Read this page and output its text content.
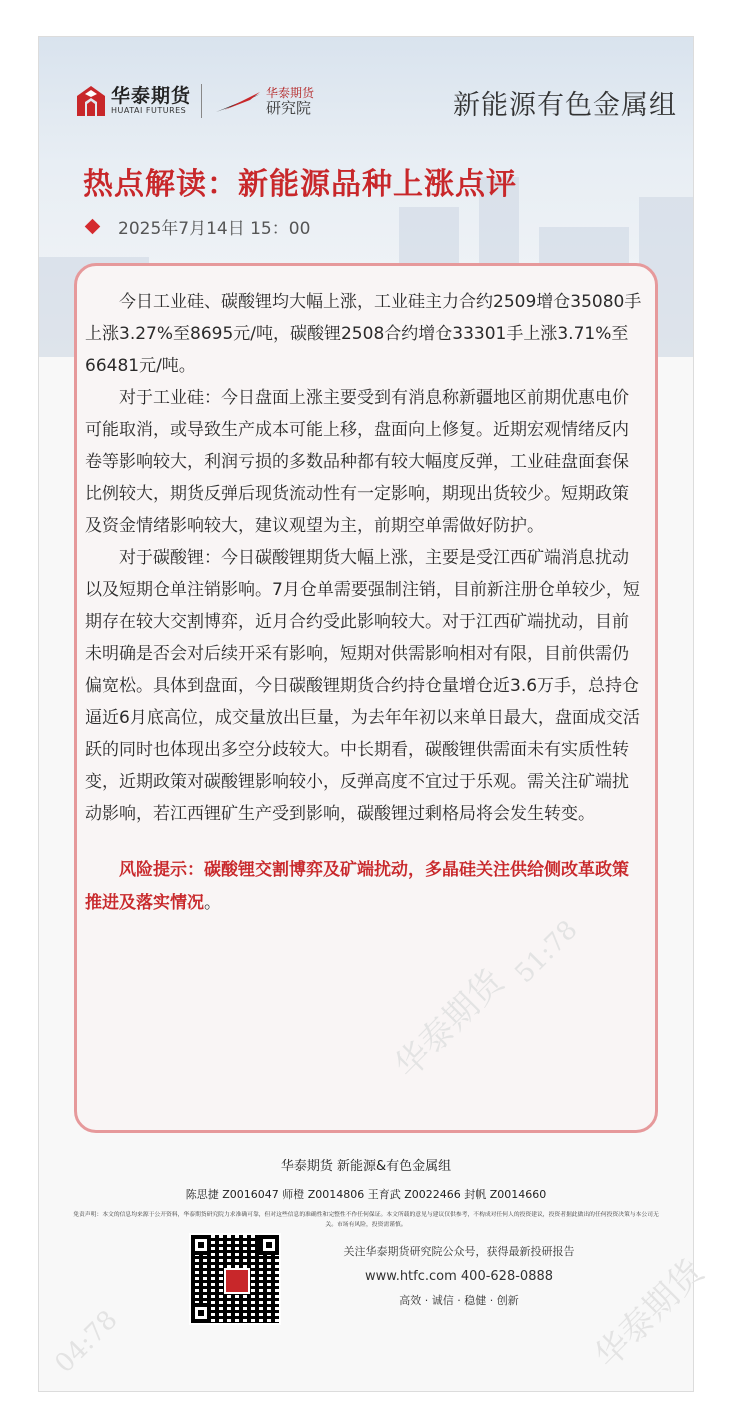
华泰期货
HUATAI FUTURES
华泰期货
研究院	新能源有色金属组
热点解读：新能源品种上涨点评
2025年7月14日 15：00

今日工业硅、碳酸锂均大幅上涨，工业硅主力合约2509增仓35080手上涨3.27%至8695元/吨，碳酸锂2508合约增仓33301手上涨3.71%至66481元/吨。

对于工业硅：今日盘面上涨主要受到有消息称新疆地区前期优惠电价可能取消，或导致生产成本可能上移，盘面向上修复。近期宏观情绪反内卷等影响较大，利润亏损的多数品种都有较大幅度反弹，工业硅盘面套保比例较大，期货反弹后现货流动性有一定影响，期现出货较少。短期政策及资金情绪影响较大，建议观望为主，前期空单需做好防护。

对于碳酸锂：今日碳酸锂期货大幅上涨，主要是受江西矿端消息扰动以及短期仓单注销影响。7月仓单需要强制注销，目前新注册仓单较少，短期存在较大交割博弈，近月合约受此影响较大。对于江西矿端扰动，目前未明确是否会对后续开采有影响，短期对供需影响相对有限，目前供需仍偏宽松。具体到盘面，今日碳酸锂期货合约持仓量增仓近3.6万手，总持仓逼近6月底高位，成交量放出巨量，为去年年初以来单日最大，盘面成交活跃的同时也体现出多空分歧较大。中长期看，碳酸锂供需面未有实质性转变，近期政策对碳酸锂影响较小，反弹高度不宜过于乐观。需关注矿端扰动影响，若江西锂矿生产受到影响，碳酸锂过剩格局将会发生转变。

风险提示：碳酸锂交割博弈及矿端扰动，多晶硅关注供给侧改革政策推进及落实情况。

华泰期货 新能源&有色金属组
陈思捷 Z0016047 师橙 Z0014806 王育武 Z0022466 封帆 Z0014660
免责声明：本文的信息均来源于公开资料，华泰期货研究院力求准确可靠，但对这些信息的准确性和完整性不作任何保证。本文所载的意见与建议仅供参考，不构成对任何人的投资建议，投资者据此做出的任何投资决策与本公司无关。市场有风险，投资需谨慎。
关注华泰期货研究院公众号，获得最新投研报告
www.htfc.com 400-628-0888
高效 · 诚信 · 稳健 · 创新
华泰期货
华泰期货
04:78
51:78
